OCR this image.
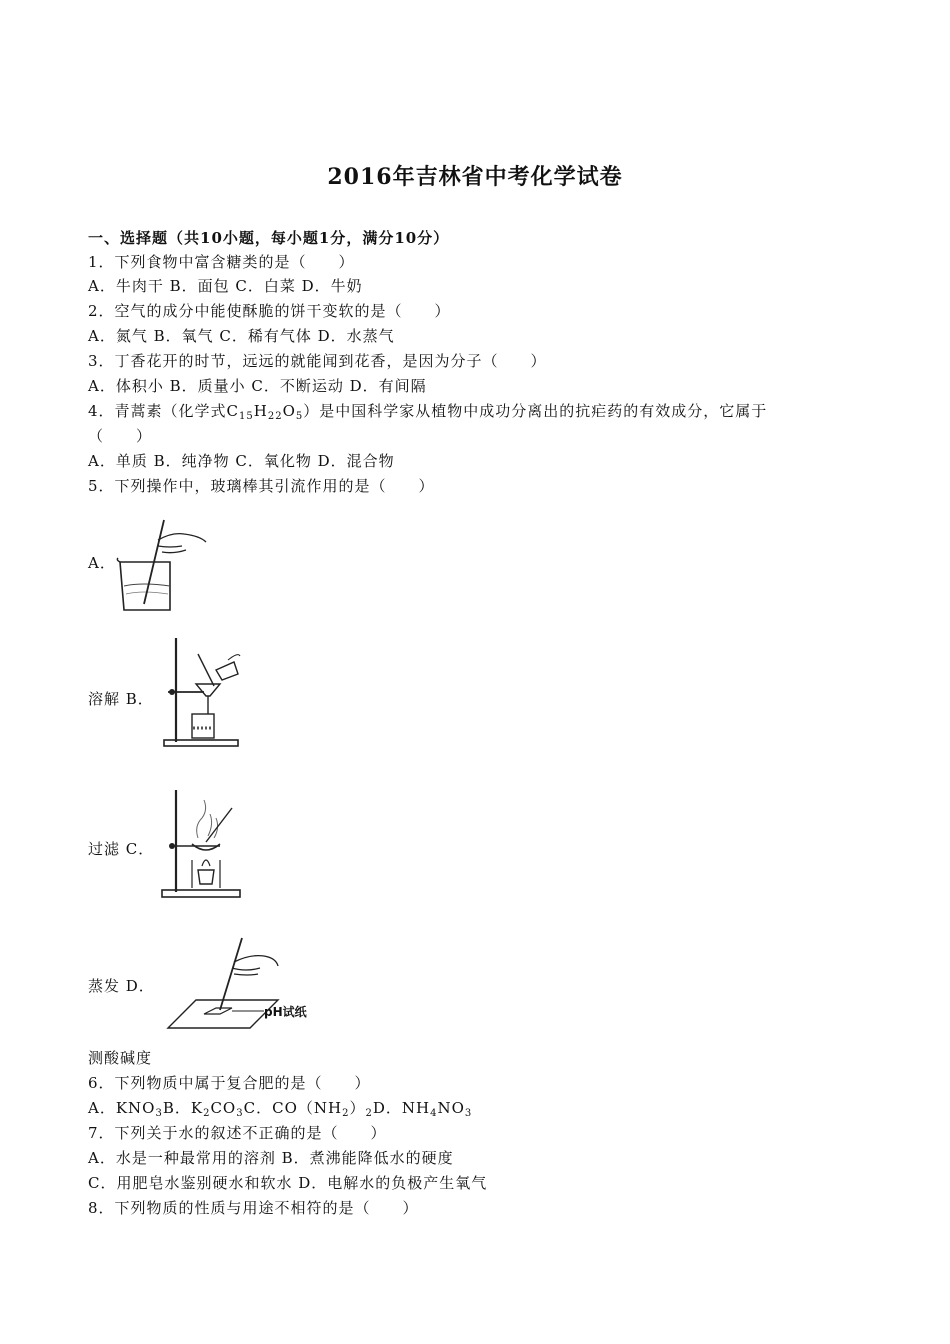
2016年吉林省中考化学试卷
一、选择题（共10小题，每小题1分，满分10分）
1．下列食物中富含糖类的是（　　）
A．牛肉干 B．面包 C．白菜 D．牛奶
2．空气的成分中能使酥脆的饼干变软的是（　　）
A．氮气 B．氧气 C．稀有气体 D．水蒸气
3．丁香花开的时节，远远的就能闻到花香，是因为分子（　　）
A．体积小 B．质量小 C．不断运动 D．有间隔
4．青蒿素（化学式$C_{15}H_{22}O_5$）是中国科学家从植物中成功分离出的抗疟药的有效成分，它属于
（　　）
A．单质 B．纯净物 C．氧化物 D．混合物
5．下列操作中，玻璃棒其引流作用的是（　　）
A．
溶解 B．
过滤 C．
蒸发 D．
pH试纸
测酸碱度
6．下列物质中属于复合肥的是（　　）
A．$KNO_3B$．$K_2CO_3C$．$CO(NH_2)_2D$．$NH_4NO_3$
7．下列关于水的叙述不正确的是（　　）
A．水是一种最常用的溶剂 B．煮沸能降低水的硬度
C．用肥皂水鉴别硬水和软水 D．电解水的负极产生氧气
8．下列物质的性质与用途不相符的是（　　）
